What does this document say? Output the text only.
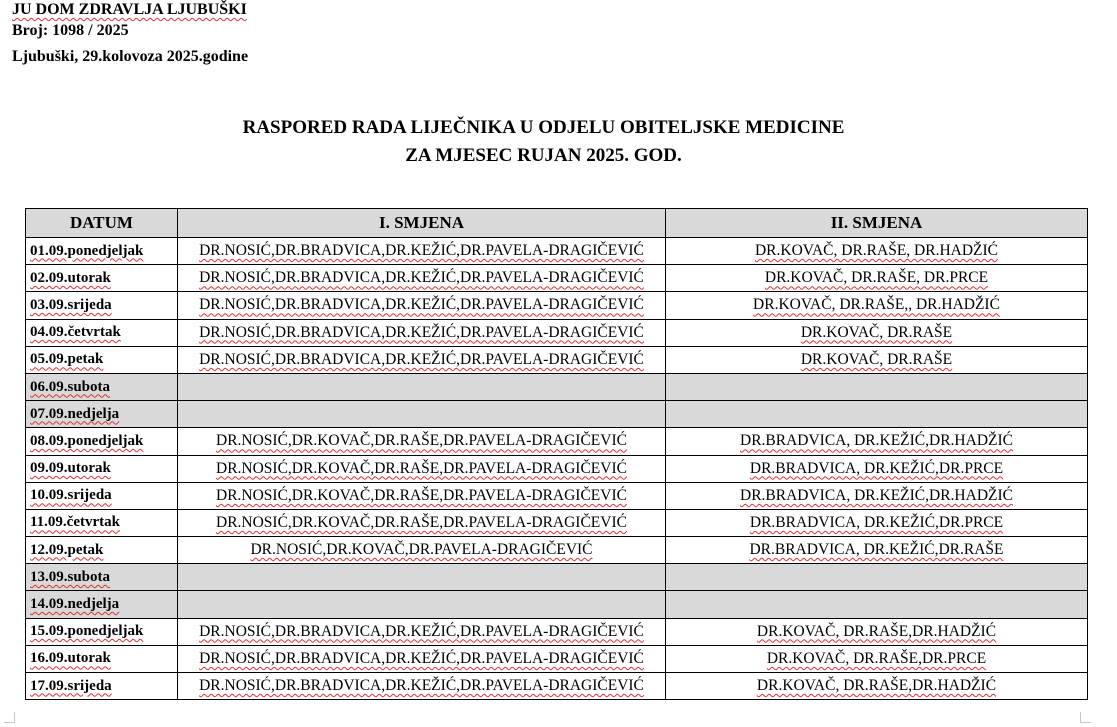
JU DOM ZDRAVLJA LJUBUŠKI
Broj: 1098 / 2025
Ljubuški, 29.kolovoza 2025.godine
RASPORED RADA LIJEČNIKA U ODJELU OBITELJSKE MEDICINE
ZA MJESEC RUJAN 2025. GOD.
DATUM	I. SMJENA	II. SMJENA
01.09.ponedjeljak	DR.NOSIĆ,DR.BRADVICA,DR.KEŽIĆ,DR.PAVELA-DRAGIČEVIĆ	DR.KOVAČ, DR.RAŠE, DR.HADŽIĆ
02.09.utorak	DR.NOSIĆ,DR.BRADVICA,DR.KEŽIĆ,DR.PAVELA-DRAGIČEVIĆ	DR.KOVAČ, DR.RAŠE, DR.PRCE
03.09.srijeda	DR.NOSIĆ,DR.BRADVICA,DR.KEŽIĆ,DR.PAVELA-DRAGIČEVIĆ	DR.KOVAČ, DR.RAŠE,, DR.HADŽIĆ
04.09.četvrtak	DR.NOSIĆ,DR.BRADVICA,DR.KEŽIĆ,DR.PAVELA-DRAGIČEVIĆ	DR.KOVAČ, DR.RAŠE
05.09.petak	DR.NOSIĆ,DR.BRADVICA,DR.KEŽIĆ,DR.PAVELA-DRAGIČEVIĆ	DR.KOVAČ, DR.RAŠE
06.09.subota		
07.09.nedjelja		
08.09.ponedjeljak	DR.NOSIĆ,DR.KOVAČ,DR.RAŠE,DR.PAVELA-DRAGIČEVIĆ	DR.BRADVICA, DR.KEŽIĆ,DR.HADŽIĆ
09.09.utorak	DR.NOSIĆ,DR.KOVAČ,DR.RAŠE,DR.PAVELA-DRAGIČEVIĆ	DR.BRADVICA, DR.KEŽIĆ,DR.PRCE
10.09.srijeda	DR.NOSIĆ,DR.KOVAČ,DR.RAŠE,DR.PAVELA-DRAGIČEVIĆ	DR.BRADVICA, DR.KEŽIĆ,DR.HADŽIĆ
11.09.četvrtak	DR.NOSIĆ,DR.KOVAČ,DR.RAŠE,DR.PAVELA-DRAGIČEVIĆ	DR.BRADVICA, DR.KEŽIĆ,DR.PRCE
12.09.petak	DR.NOSIĆ,DR.KOVAČ,DR.PAVELA-DRAGIČEVIĆ	DR.BRADVICA, DR.KEŽIĆ,DR.RAŠE
13.09.subota		
14.09.nedjelja		
15.09.ponedjeljak	DR.NOSIĆ,DR.BRADVICA,DR.KEŽIĆ,DR.PAVELA-DRAGIČEVIĆ	DR.KOVAČ, DR.RAŠE,DR.HADŽIĆ
16.09.utorak	DR.NOSIĆ,DR.BRADVICA,DR.KEŽIĆ,DR.PAVELA-DRAGIČEVIĆ	DR.KOVAČ, DR.RAŠE,DR.PRCE
17.09.srijeda	DR.NOSIĆ,DR.BRADVICA,DR.KEŽIĆ,DR.PAVELA-DRAGIČEVIĆ	DR.KOVAČ, DR.RAŠE,DR.HADŽIĆ
